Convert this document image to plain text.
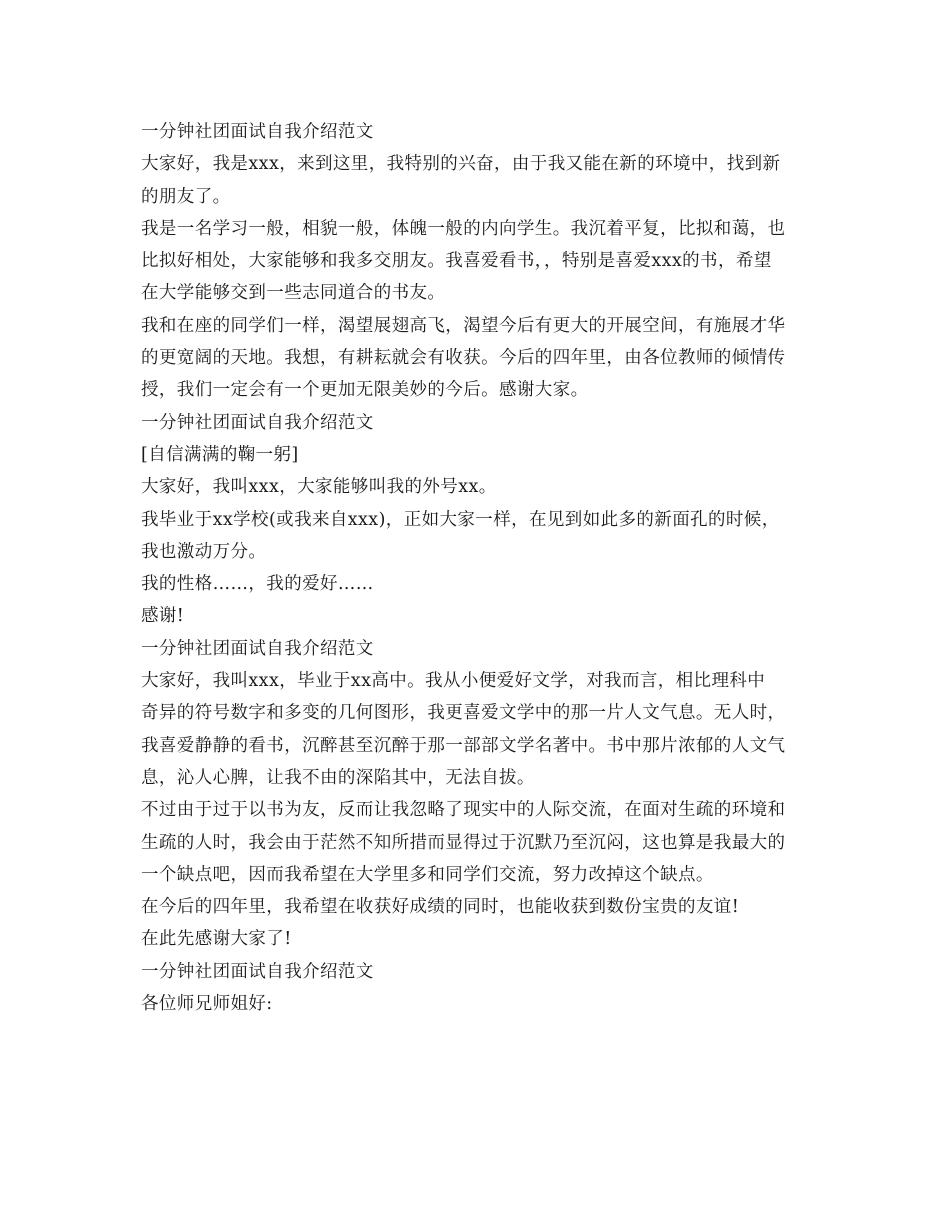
一分钟社团面试自我介绍范文
大家好，我是xxx，来到这里，我特别的兴奋，由于我又能在新的环境中，找到新
的朋友了。
我是一名学习一般，相貌一般，体魄一般的内向学生。我沉着平复，比拟和蔼，也
比拟好相处，大家能够和我多交朋友。我喜爱看书，，特别是喜爱xxx的书，希望
在大学能够交到一些志同道合的书友。
我和在座的同学们一样，渴望展翅高飞，渴望今后有更大的开展空间，有施展才华
的更宽阔的天地。我想，有耕耘就会有收获。今后的四年里，由各位教师的倾情传
授，我们一定会有一个更加无限美妙的今后。感谢大家。
一分钟社团面试自我介绍范文
[自信满满的鞠一躬]
大家好，我叫xxx，大家能够叫我的外号xx。
我毕业于xx学校(或我来自xxx)，正如大家一样，在见到如此多的新面孔的时候，
我也激动万分。
我的性格……，我的爱好……
感谢!
一分钟社团面试自我介绍范文
大家好，我叫xxx，毕业于xx高中。我从小便爱好文学，对我而言，相比理科中
奇异的符号数字和多变的几何图形，我更喜爱文学中的那一片人文气息。无人时，
我喜爱静静的看书，沉醉甚至沉醉于那一部部文学名著中。书中那片浓郁的人文气
息，沁人心脾，让我不由的深陷其中，无法自拔。
不过由于过于以书为友，反而让我忽略了现实中的人际交流，在面对生疏的环境和
生疏的人时，我会由于茫然不知所措而显得过于沉默乃至沉闷，这也算是我最大的
一个缺点吧，因而我希望在大学里多和同学们交流，努力改掉这个缺点。
在今后的四年里，我希望在收获好成绩的同时，也能收获到数份宝贵的友谊!
在此先感谢大家了!
一分钟社团面试自我介绍范文
各位师兄师姐好:
